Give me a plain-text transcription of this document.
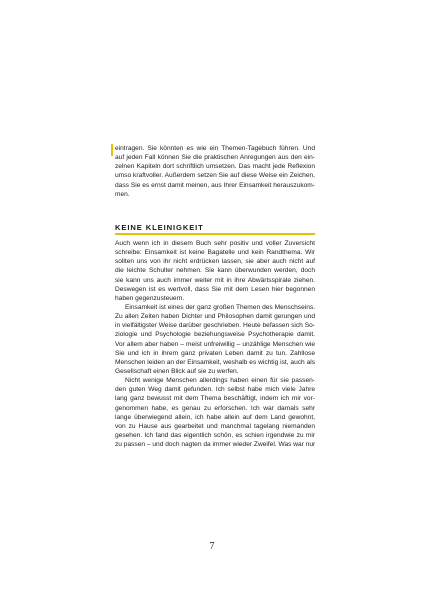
eintragen. Sie könnten es wie ein Themen-Tagebuch führen. Und
auf jeden Fall können Sie die praktischen Anregungen aus den ein-
zelnen Kapiteln dort schriftlich umsetzen. Das macht jede Reflexion
umso kraftvoller. Außerdem setzen Sie auf diese Weise ein Zeichen,
dass Sie es ernst damit meinen, aus Ihrer Einsamkeit herauszukom-
men.
KEINE KLEINIGKEIT
Auch wenn ich in diesem Buch sehr positiv und voller Zuversicht
schreibe: Einsamkeit ist keine Bagatelle und kein Randthema. Wir
sollten uns von ihr nicht erdrücken lassen, sie aber auch nicht auf
die leichte Schulter nehmen. Sie kann überwunden werden, doch
sie kann uns auch immer weiter mit in ihre Abwärtsspirale ziehen.
Deswegen ist es wertvoll, dass Sie mit dem Lesen hier begonnen
haben gegenzusteuern.
Einsamkeit ist eines der ganz großen Themen des Menschseins.
Zu allen Zeiten haben Dichter und Philosophen damit gerungen und
in vielfältigster Weise darüber geschrieben. Heute befassen sich So-
ziologie und Psychologie beziehungsweise Psychotherapie damit.
Vor allem aber haben – meist unfreiwillig – unzählige Menschen wie
Sie und ich in ihrem ganz privaten Leben damit zu tun. Zahllose
Menschen leiden an der Einsamkeit, weshalb es wichtig ist, auch als
Gesellschaft einen Blick auf sie zu werfen.
Nicht wenige Menschen allerdings haben einen für sie passen-
den guten Weg damit gefunden. Ich selbst habe mich viele Jahre
lang ganz bewusst mit dem Thema beschäftigt, indem ich mir vor-
genommen habe, es genau zu erforschen. Ich war damals sehr
lange überwiegend allein, ich habe allein auf dem Land gewohnt,
von zu Hause aus gearbeitet und manchmal tagelang niemanden
gesehen. Ich fand das eigentlich schön, es schien irgendwie zu mir
zu passen – und doch nagten da immer wieder Zweifel. Was war nur
7
